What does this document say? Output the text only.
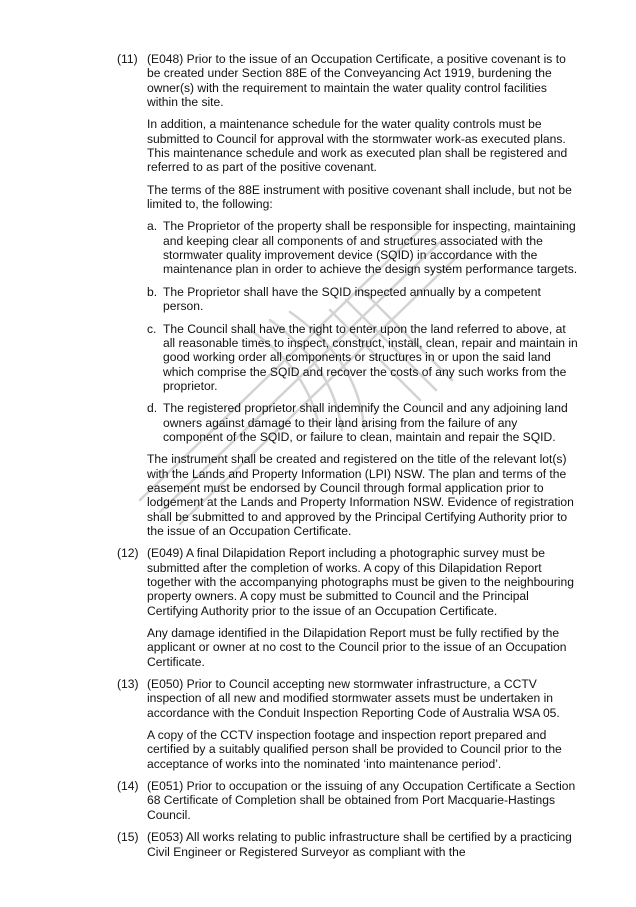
(11) (E048) Prior to the issue of an Occupation Certificate, a positive covenant is to be created under Section 88E of the Conveyancing Act 1919, burdening the owner(s) with the requirement to maintain the water quality control facilities within the site.

In addition, a maintenance schedule for the water quality controls must be submitted to Council for approval with the stormwater work-as executed plans. This maintenance schedule and work as executed plan shall be registered and referred to as part of the positive covenant.

The terms of the 88E instrument with positive covenant shall include, but not be limited to, the following:

a. The Proprietor of the property shall be responsible for inspecting, maintaining and keeping clear all components of and structures associated with the stormwater quality improvement device (SQID) in accordance with the maintenance plan in order to achieve the design system performance targets.
b. The Proprietor shall have the SQID inspected annually by a competent person.
c. The Council shall have the right to enter upon the land referred to above, at all reasonable times to inspect, construct, install, clean, repair and maintain in good working order all components or structures in or upon the said land which comprise the SQID and recover the costs of any such works from the proprietor.
d. The registered proprietor shall indemnify the Council and any adjoining land owners against damage to their land arising from the failure of any component of the SQID, or failure to clean, maintain and repair the SQID.

The instrument shall be created and registered on the title of the relevant lot(s) with the Lands and Property Information (LPI) NSW. The plan and terms of the easement must be endorsed by Council through formal application prior to lodgement at the Lands and Property Information NSW. Evidence of registration shall be submitted to and approved by the Principal Certifying Authority prior to the issue of an Occupation Certificate.

(12) (E049) A final Dilapidation Report including a photographic survey must be submitted after the completion of works. A copy of this Dilapidation Report together with the accompanying photographs must be given to the neighbouring property owners. A copy must be submitted to Council and the Principal Certifying Authority prior to the issue of an Occupation Certificate.

Any damage identified in the Dilapidation Report must be fully rectified by the applicant or owner at no cost to the Council prior to the issue of an Occupation Certificate.

(13) (E050) Prior to Council accepting new stormwater infrastructure, a CCTV inspection of all new and modified stormwater assets must be undertaken in accordance with the Conduit Inspection Reporting Code of Australia WSA 05.

A copy of the CCTV inspection footage and inspection report prepared and certified by a suitably qualified person shall be provided to Council prior to the acceptance of works into the nominated ‘into maintenance period’.

(14) (E051) Prior to occupation or the issuing of any Occupation Certificate a Section 68 Certificate of Completion shall be obtained from Port Macquarie-Hastings Council.

(15) (E053) All works relating to public infrastructure shall be certified by a practicing Civil Engineer or Registered Surveyor as compliant with the
